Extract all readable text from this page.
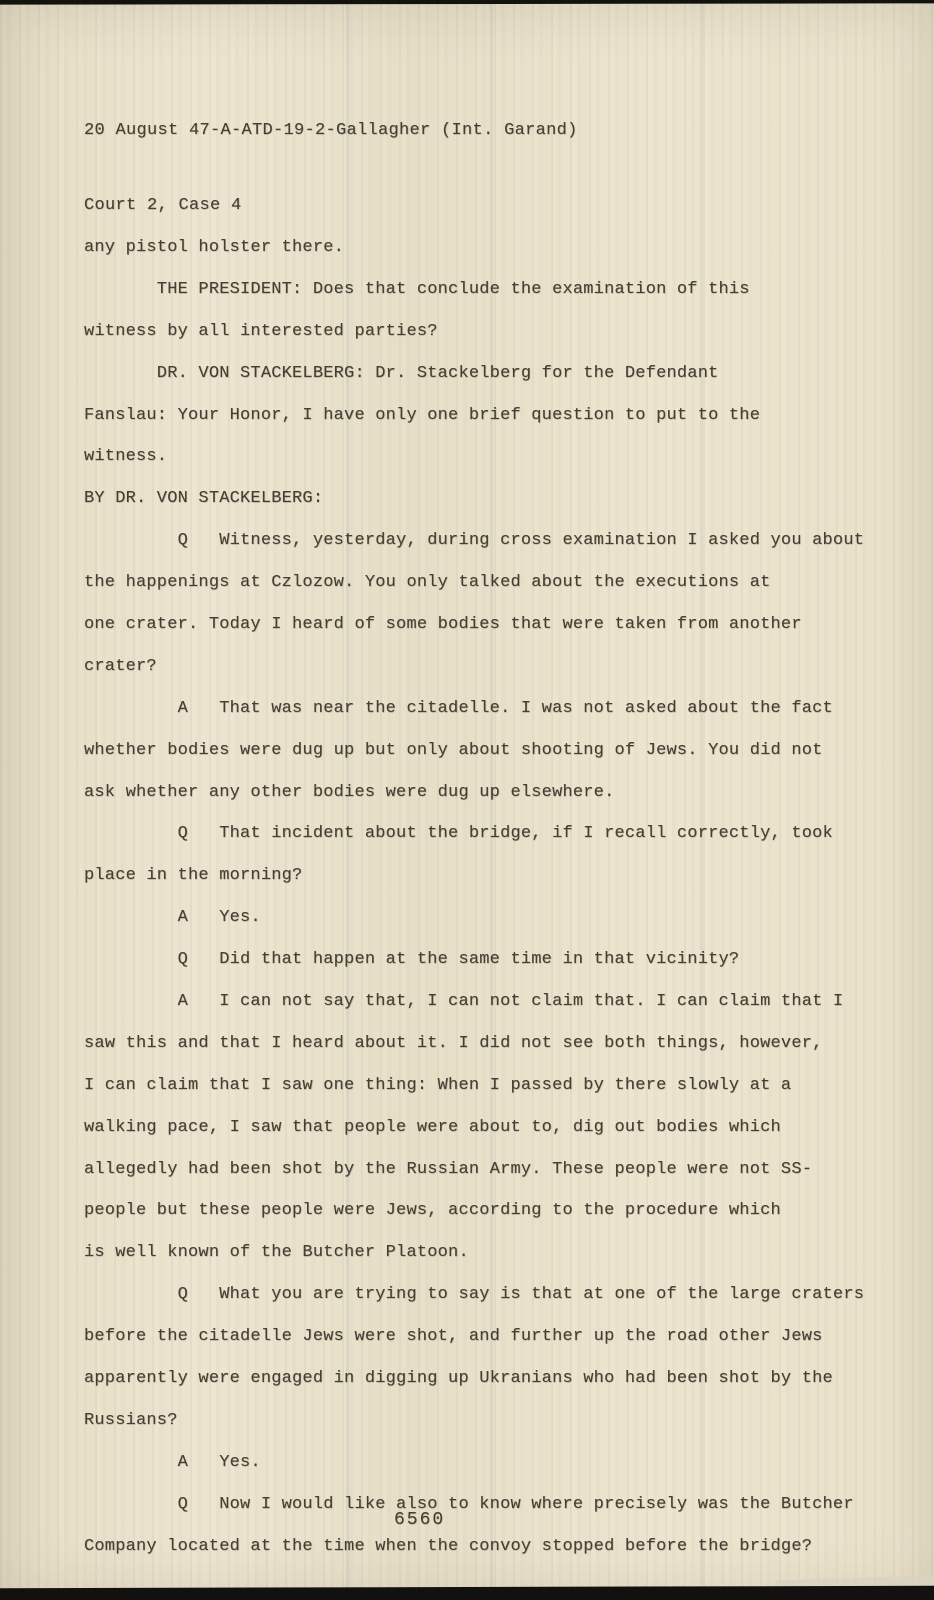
20 August 47-A-ATD-19-2-Gallagher (Int. Garand)

Court 2, Case 4

any pistol holster there.
THE PRESIDENT: Does that conclude the examination of this
witness by all interested parties?
DR. VON STACKELBERG: Dr. Stackelberg for the Defendant
Fanslau: Your Honor, I have only one brief question to put to the
witness.
BY DR. VON STACKELBERG:
Q   Witness, yesterday, during cross examination I asked you about
the happenings at Czlozow. You only talked about the executions at
one crater. Today I heard of some bodies that were taken from another
crater?
A   That was near the citadelle. I was not asked about the fact
whether bodies were dug up but only about shooting of Jews. You did not
ask whether any other bodies were dug up elsewhere.
Q   That incident about the bridge, if I recall correctly, took
place in the morning?
A   Yes.
Q   Did that happen at the same time in that vicinity?
A   I can not say that, I can not claim that. I can claim that I
saw this and that I heard about it. I did not see both things, however,
I can claim that I saw one thing: When I passed by there slowly at a
walking pace, I saw that people were about to, dig out bodies which
allegedly had been shot by the Russian Army. These people were not SS-
people but these people were Jews, according to the procedure which
is well known of the Butcher Platoon.
Q   What you are trying to say is that at one of the large craters
before the citadelle Jews were shot, and further up the road other Jews
apparently were engaged in digging up Ukranians who had been shot by the
Russians?
A   Yes.
Q   Now I would like also to know where precisely was the Butcher
Company located at the time when the convoy stopped before the bridge?
6560
